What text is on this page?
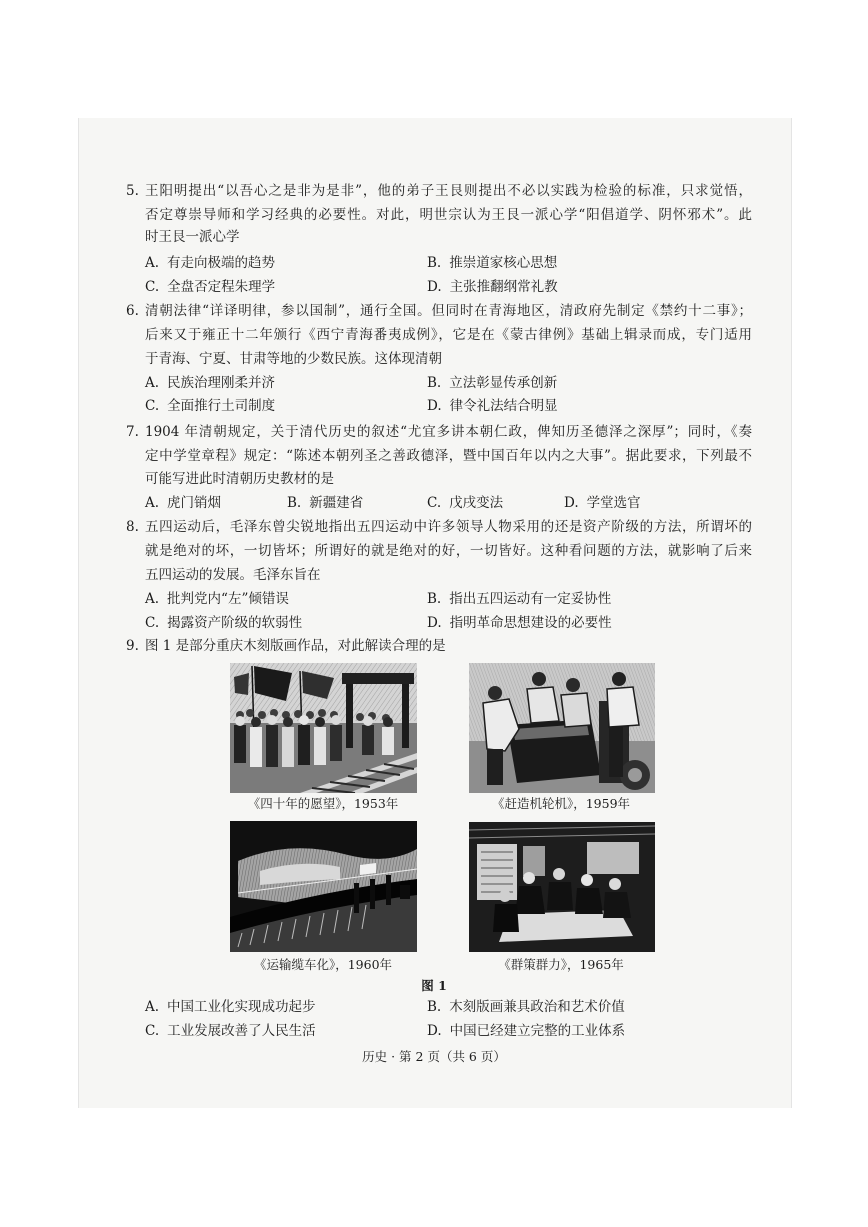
5. 王阳明提出“以吾心之是非为是非”，他的弟子王艮则提出不必以实践为检验的标准，只求觉悟，
否定尊崇导师和学习经典的必要性。对此，明世宗认为王艮一派心学“阳倡道学、阴怀邪术”。此
时王艮一派心学
A. 有走向极端的趋势	B. 推崇道家核心思想
C. 全盘否定程朱理学	D. 主张推翻纲常礼教
6. 清朝法律“详译明律，参以国制”，通行全国。但同时在青海地区，清政府先制定《禁约十二事》；
后来又于雍正十二年颁行《西宁青海番夷成例》，它是在《蒙古律例》基础上辑录而成，专门适用
于青海、宁夏、甘肃等地的少数民族。这体现清朝
A. 民族治理刚柔并济	B. 立法彰显传承创新
C. 全面推行土司制度	D. 律令礼法结合明显
7. 1904 年清朝规定，关于清代历史的叙述“尤宜多讲本朝仁政，俾知历圣德泽之深厚”；同时，《奏
定中学堂章程》规定：“陈述本朝列圣之善政德泽，暨中国百年以内之大事”。据此要求，下列最不
可能写进此时清朝历史教材的是
A. 虎门销烟	B. 新疆建省	C. 戊戌变法	D. 学堂选官
8. 五四运动后，毛泽东曾尖锐地指出五四运动中许多领导人物采用的还是资产阶级的方法，所谓坏的
就是绝对的坏，一切皆坏；所谓好的就是绝对的好，一切皆好。这种看问题的方法，就影响了后来
五四运动的发展。毛泽东旨在
A. 批判党内“左”倾错误	B. 指出五四运动有一定妥协性
C. 揭露资产阶级的软弱性	D. 指明革命思想建设的必要性
9. 图 1 是部分重庆木刻版画作品，对此解读合理的是
《四十年的愿望》，1953年	《赶造机轮机》，1959年
《运输缆车化》，1960年	《群策群力》，1965年
图 1
A. 中国工业化实现成功起步	B. 木刻版画兼具政治和艺术价值
C. 工业发展改善了人民生活	D. 中国已经建立完整的工业体系
历史 · 第 2 页（共 6 页）
